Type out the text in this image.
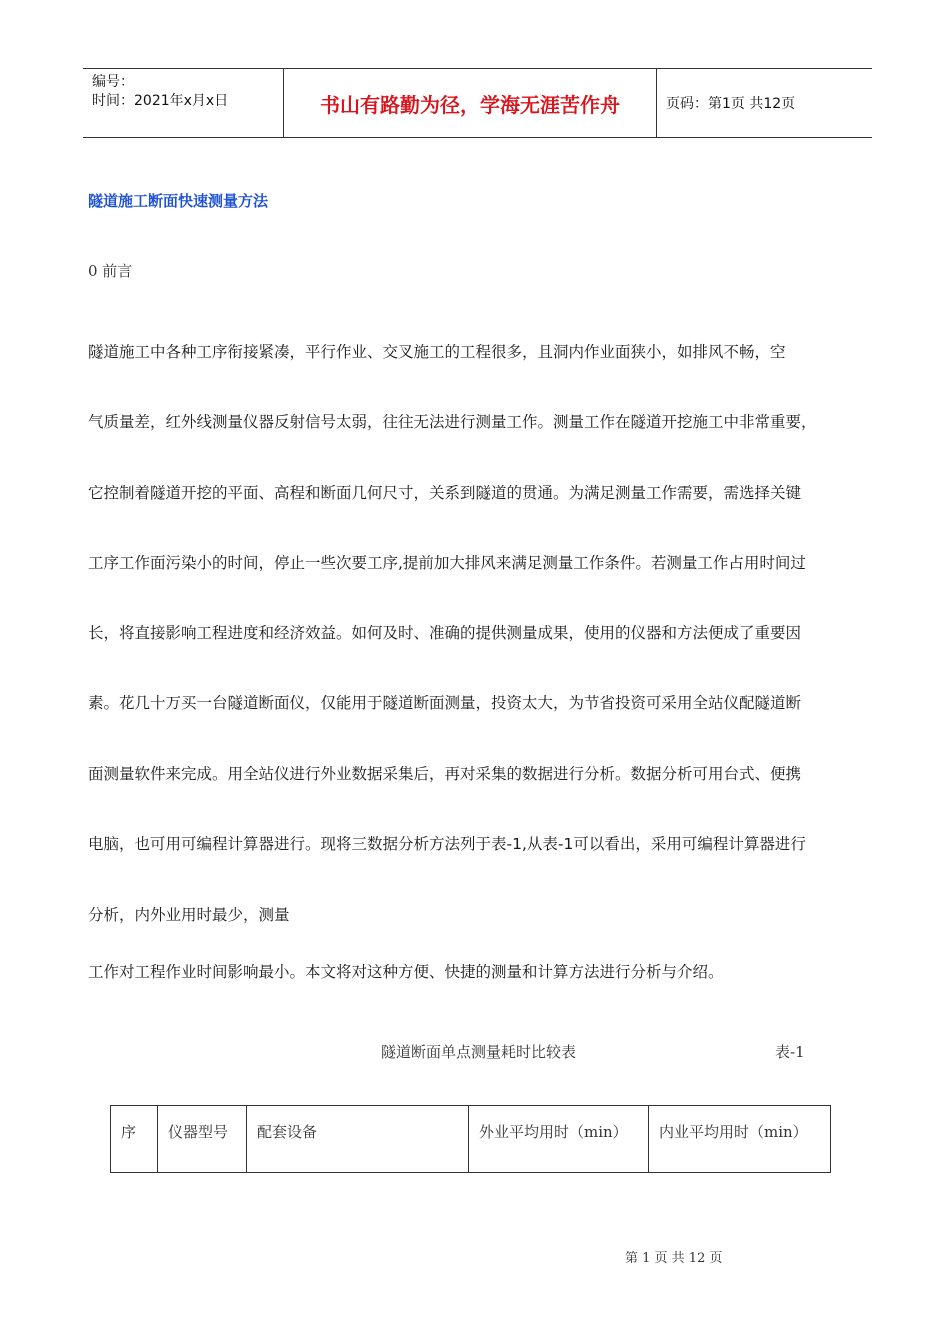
编号：
时间：2021年x月x日	书山有路勤为径，学海无涯苦作舟	页码：第1页 共12页
隧道施工断面快速测量方法
0 前言
隧道施工中各种工序衔接紧凑，平行作业、交叉施工的工程很多，且洞内作业面狭小，如排风不畅，空
气质量差，红外线测量仪器反射信号太弱，往往无法进行测量工作。测量工作在隧道开挖施工中非常重要，
它控制着隧道开挖的平面、高程和断面几何尺寸，关系到隧道的贯通。为满足测量工作需要，需选择关键
工序工作面污染小的时间，停止一些次要工序,提前加大排风来满足测量工作条件。若测量工作占用时间过
长，将直接影响工程进度和经济效益。如何及时、准确的提供测量成果，使用的仪器和方法便成了重要因
素。花几十万买一台隧道断面仪，仅能用于隧道断面测量，投资太大，为节省投资可采用全站仪配隧道断
面测量软件来完成。用全站仪进行外业数据采集后，再对采集的数据进行分析。数据分析可用台式、便携
电脑，也可用可编程计算器进行。现将三数据分析方法列于表-1,从表-1可以看出，采用可编程计算器进行
分析，内外业用时最少，测量
工作对工程作业时间影响最小。本文将对这种方便、快捷的测量和计算方法进行分析与介绍。
隧道断面单点测量耗时比较表	表-1
序	仪器型号	配套设备	外业平均用时（min）	内业平均用时（min）
第 1 页 共 12 页
